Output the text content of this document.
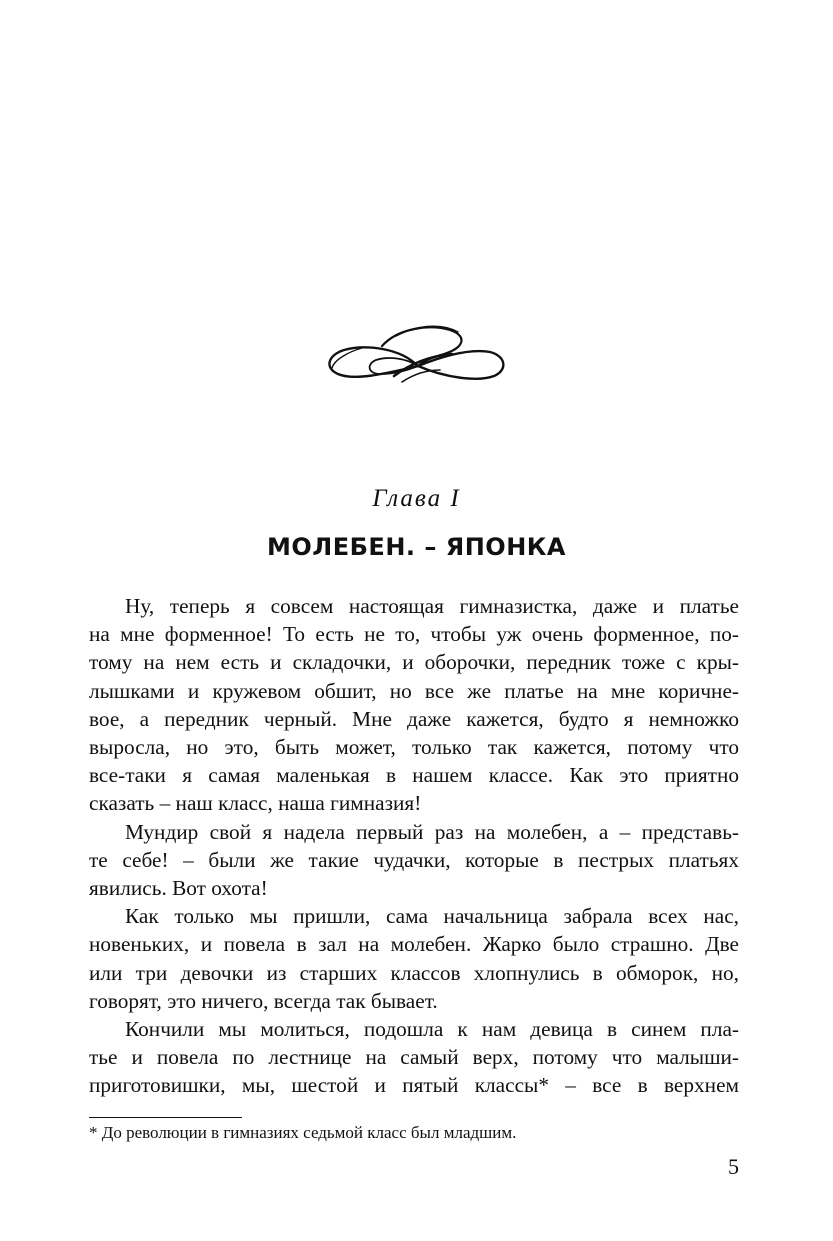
Глава I
МОЛЕБЕН. – ЯПОНКА

Ну, теперь я совсем настоящая гимназистка, даже и платье
на мне форменное! То есть не то, чтобы уж очень форменное, по-
тому на нем есть и складочки, и оборочки, передник тоже с кры-
лышками и кружевом обшит, но все же платье на мне коричне-
вое, а передник черный. Мне даже кажется, будто я немножко
выросла, но это, быть может, только так кажется, потому что
все-таки я самая маленькая в нашем классе. Как это приятно
сказать – наш класс, наша гимназия!

Мундир свой я надела первый раз на молебен, а – представь-
те себе! – были же такие чудачки, которые в пестрых платьях
явились. Вот охота!

Как только мы пришли, сама начальница забрала всех нас,
новеньких, и повела в зал на молебен. Жарко было страшно. Две
или три девочки из старших классов хлопнулись в обморок, но,
говорят, это ничего, всегда так бывает.

Кончили мы молиться, подошла к нам девица в синем пла-
тье и повела по лестнице на самый верх, потому что малыши-
приготовишки, мы, шестой и пятый классы* – все в верхнем

* До революции в гимназиях седьмой класс был младшим.
5
